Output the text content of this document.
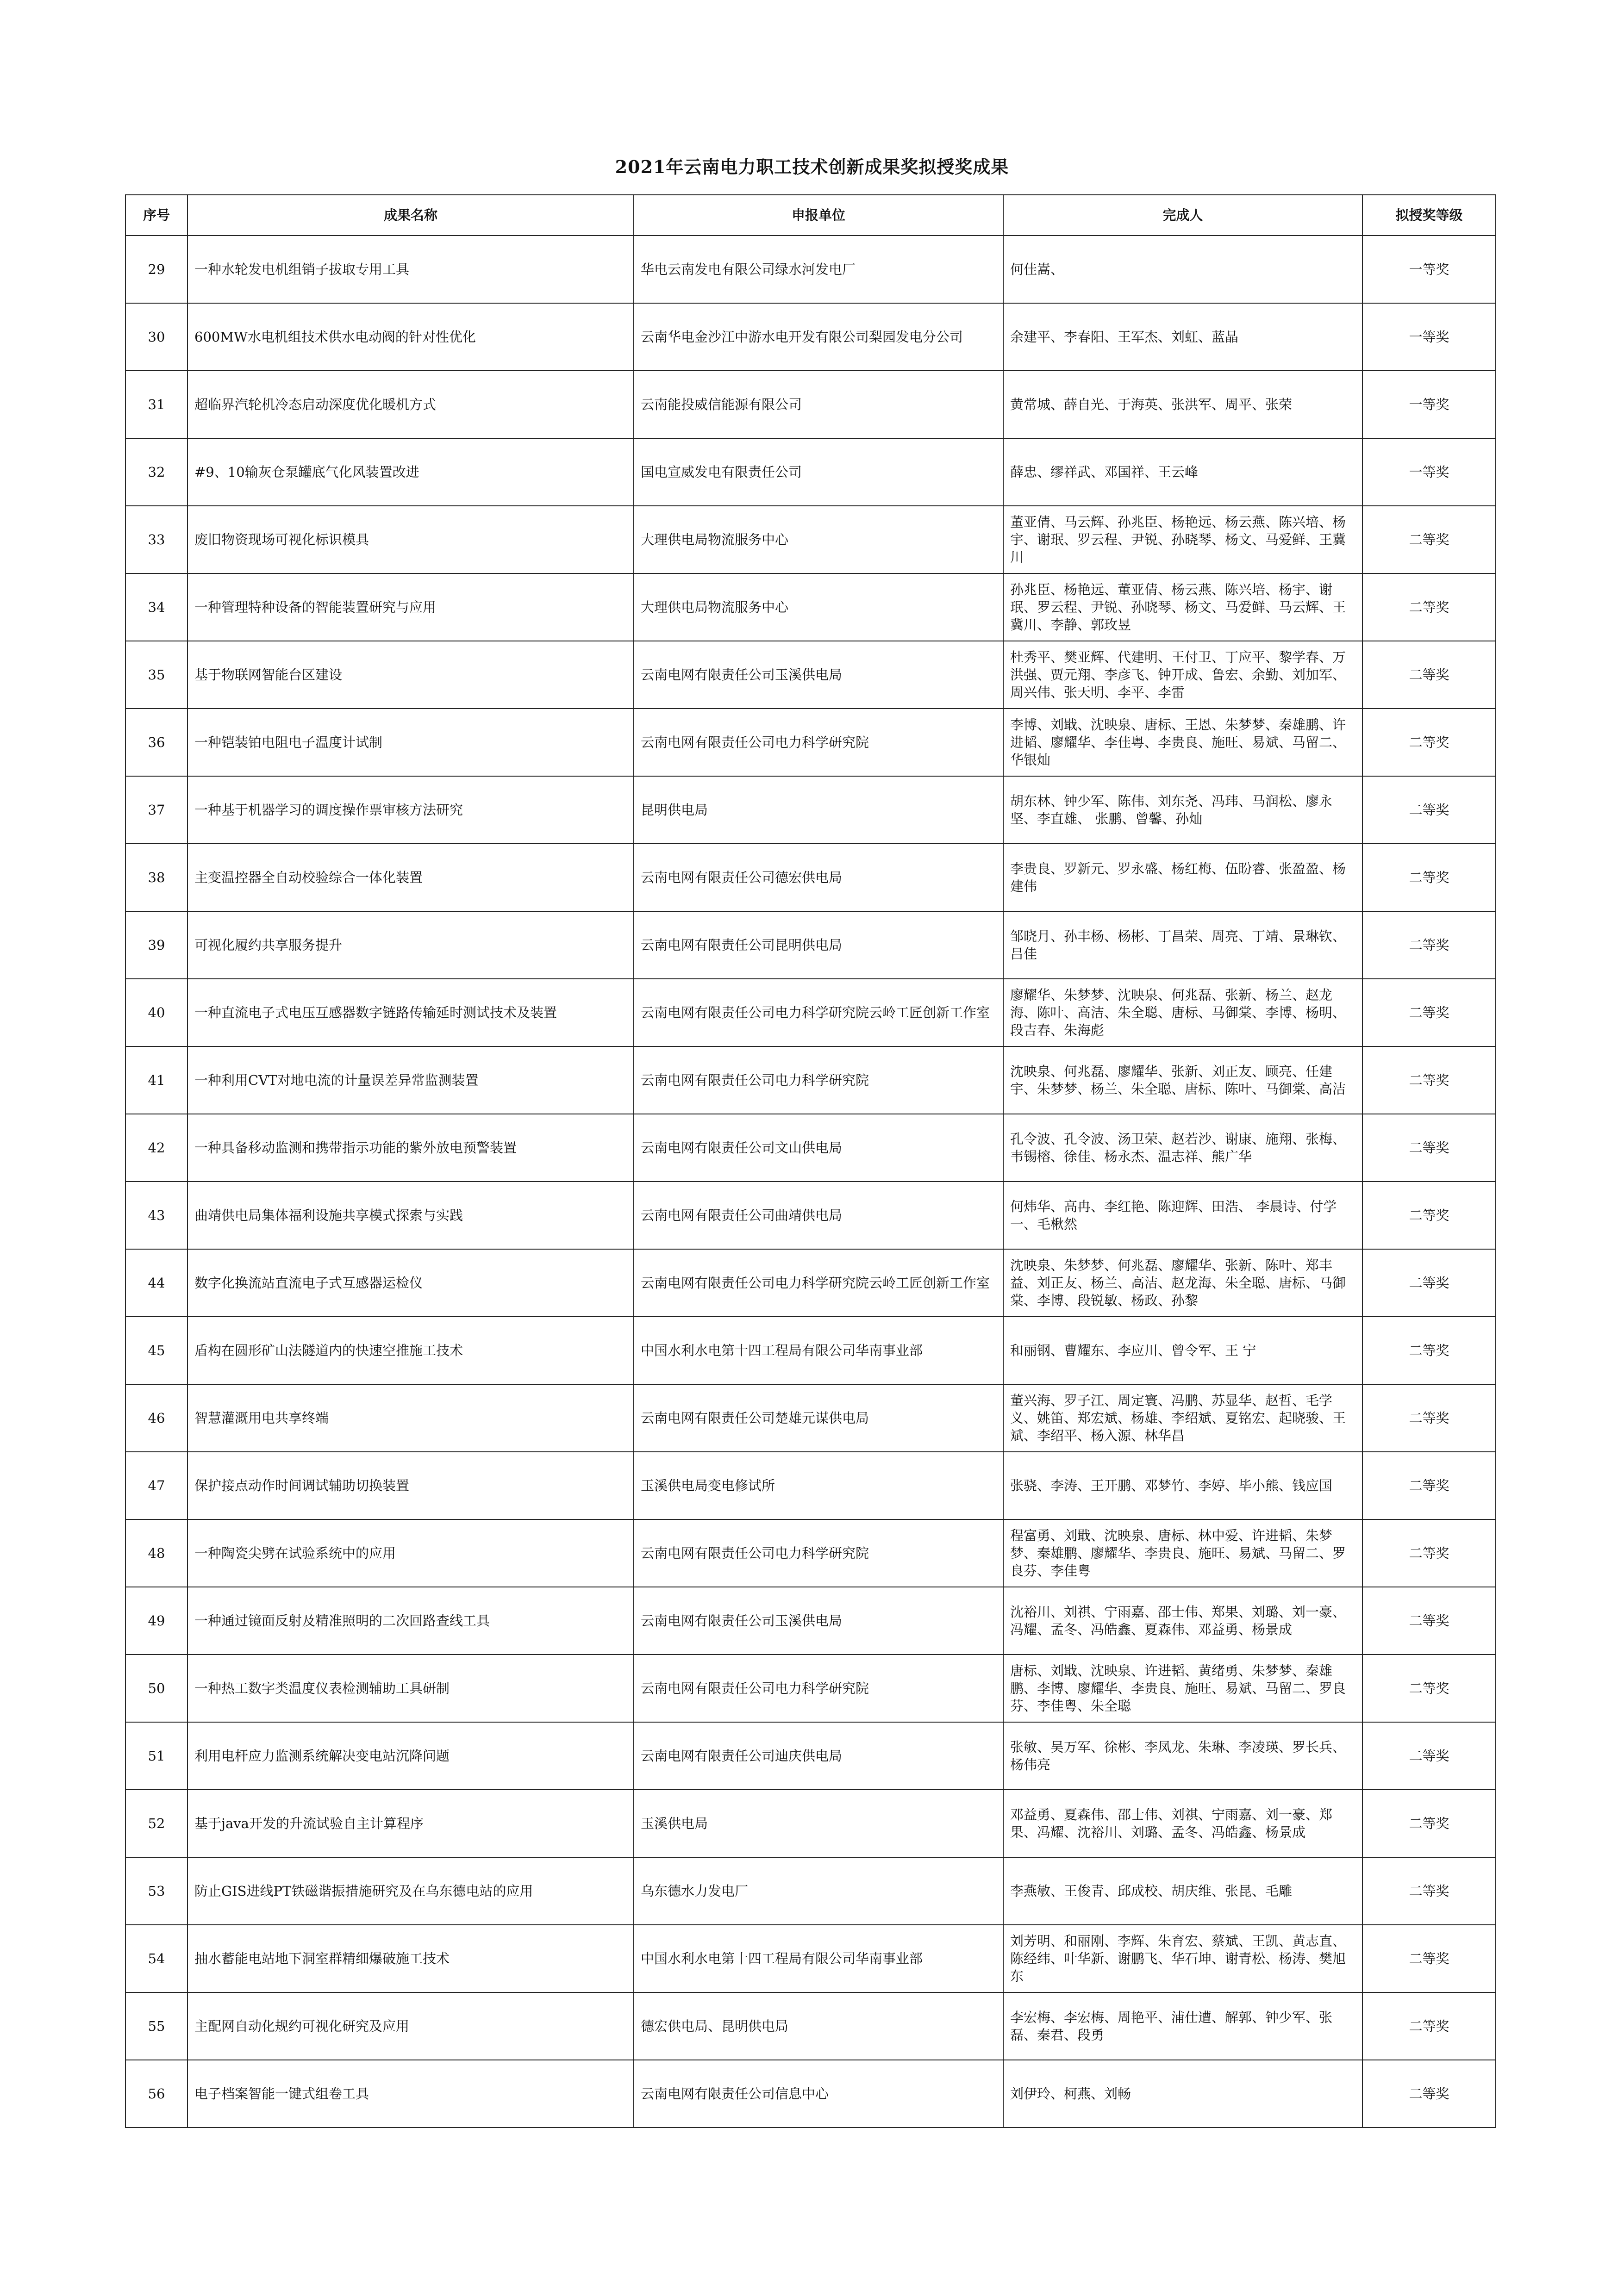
2021年云南电力职工技术创新成果奖拟授奖成果
序号	成果名称	申报单位	完成人	拟授奖等级

29	一种水轮发电机组销子拔取专用工具	华电云南发电有限公司绿水河发电厂	何佳嵩、	一等奖

30	600MW水电机组技术供水电动阀的针对性优化	云南华电金沙江中游水电开发有限公司梨园发电分公司	余建平、李春阳、王军杰、刘虹、蓝晶	一等奖

31	超临界汽轮机冷态启动深度优化暖机方式	云南能投威信能源有限公司	黄常城、薛自光、于海英、张洪军、周平、张荣	一等奖

32	#9、10输灰仓泵罐底气化风装置改进	国电宣威发电有限责任公司	薛忠、缪祥武、邓国祥、王云峰	一等奖

33	废旧物资现场可视化标识模具	大理供电局物流服务中心	董亚倩、马云辉、孙兆臣、杨艳远、杨云燕、陈兴培、杨宇、谢珉、罗云程、尹锐、孙晓琴、杨文、马爱鲜、王冀川	二等奖

34	一种管理特种设备的智能装置研究与应用	大理供电局物流服务中心	孙兆臣、杨艳远、董亚倩、杨云燕、陈兴培、杨宇、谢珉、罗云程、尹锐、孙晓琴、杨文、马爱鲜、马云辉、王冀川、李静、郭玫昱	二等奖

35	基于物联网智能台区建设	云南电网有限责任公司玉溪供电局	杜秀平、樊亚辉、代建明、王付卫、丁应平、黎学春、万洪强、贾元翔、李彦飞、钟开成、鲁宏、余勤、刘加军、周兴伟、张天明、李平、李雷	二等奖

36	一种铠装铂电阻电子温度计试制	云南电网有限责任公司电力科学研究院	李博、刘戢、沈映泉、唐标、王恩、朱梦梦、秦雄鹏、许进韬、廖耀华、李佳粤、李贵良、施旺、易斌、马留二、华银灿	二等奖

37	一种基于机器学习的调度操作票审核方法研究	昆明供电局	胡东林、钟少军、陈伟、刘东尧、冯玮、马润松、廖永坚、李直雄、 张鹏、曾馨、孙灿	二等奖

38	主变温控器全自动校验综合一体化装置	云南电网有限责任公司德宏供电局	李贵良、罗新元、罗永盛、杨红梅、伍盼睿、张盈盈、杨建伟	二等奖

39	可视化履约共享服务提升	云南电网有限责任公司昆明供电局	邹晓月、孙丰杨、杨彬、丁昌荣、周亮、丁靖、景琳钦、吕佳	二等奖

40	一种直流电子式电压互感器数字链路传输延时测试技术及装置	云南电网有限责任公司电力科学研究院云岭工匠创新工作室	廖耀华、朱梦梦、沈映泉、何兆磊、张新、杨兰、赵龙海、陈叶、高洁、朱全聪、唐标、马御棠、李博、杨明、段吉春、朱海彪	二等奖

41	一种利用CVT对地电流的计量误差异常监测装置	云南电网有限责任公司电力科学研究院	沈映泉、何兆磊、廖耀华、张新、刘正友、顾亮、任建宇、朱梦梦、杨兰、朱全聪、唐标、陈叶、马御棠、高洁	二等奖

42	一种具备移动监测和携带指示功能的紫外放电预警装置	云南电网有限责任公司文山供电局	孔令波、孔令波、汤卫荣、赵若沙、谢康、施翔、张梅、韦锡榕、徐佳、杨永杰、温志祥、熊广华	二等奖

43	曲靖供电局集体福利设施共享模式探索与实践	云南电网有限责任公司曲靖供电局	何炜华、高冉、李红艳、陈迎辉、田浩、 李晨诗、付学一、毛楸然	二等奖

44	数字化换流站直流电子式互感器运检仪	云南电网有限责任公司电力科学研究院云岭工匠创新工作室	沈映泉、朱梦梦、何兆磊、廖耀华、张新、陈叶、郑丰益、刘正友、杨兰、高洁、赵龙海、朱全聪、唐标、马御棠、李博、段锐敏、杨政、孙黎	二等奖

45	盾构在圆形矿山法隧道内的快速空推施工技术	中国水利水电第十四工程局有限公司华南事业部	和丽钢、曹耀东、李应川、曾令军、王 宁	二等奖

46	智慧灌溉用电共享终端	云南电网有限责任公司楚雄元谋供电局	董兴海、罗子江、周定寰、冯鹏、苏显华、赵哲、毛学义、姚笛、郑宏斌、杨雄、李绍斌、夏铭宏、起晓骏、王斌、李绍平、杨入源、林华昌	二等奖

47	保护接点动作时间调试辅助切换装置	玉溪供电局变电修试所	张骁、李涛、王开鹏、邓梦竹、李婷、毕小熊、钱应国	二等奖

48	一种陶瓷尖劈在试验系统中的应用	云南电网有限责任公司电力科学研究院	程富勇、刘戢、沈映泉、唐标、林中爱、许进韬、朱梦梦、秦雄鹏、廖耀华、李贵良、施旺、易斌、马留二、罗良芬、李佳粤	二等奖

49	一种通过镜面反射及精准照明的二次回路查线工具	云南电网有限责任公司玉溪供电局	沈裕川、刘祺、宁雨嘉、邵士伟、郑果、刘璐、刘一豪、冯耀、孟冬、冯皓鑫、夏森伟、邓益勇、杨景成	二等奖

50	一种热工数字类温度仪表检测辅助工具研制	云南电网有限责任公司电力科学研究院	唐标、刘戢、沈映泉、许进韬、黄绪勇、朱梦梦、秦雄鹏、李博、廖耀华、李贵良、施旺、易斌、马留二、罗良芬、李佳粤、朱全聪	二等奖

51	利用电杆应力监测系统解决变电站沉降问题	云南电网有限责任公司迪庆供电局	张敏、吴万军、徐彬、李凤龙、朱琳、李凌瑛、罗长兵、杨伟亮	二等奖

52	基于java开发的升流试验自主计算程序	玉溪供电局	邓益勇、夏森伟、邵士伟、刘祺、宁雨嘉、刘一豪、郑果、冯耀、沈裕川、刘璐、孟冬、冯皓鑫、杨景成	二等奖

53	防止GIS进线PT铁磁谐振措施研究及在乌东德电站的应用	乌东德水力发电厂	李燕敏、王俊青、邱成校、胡庆维、张昆、毛雕	二等奖

54	抽水蓄能电站地下洞室群精细爆破施工技术	中国水利水电第十四工程局有限公司华南事业部	刘芳明、和丽刚、李辉、朱育宏、蔡斌、王凯、黄志直、陈经纬、叶华新、谢鹏飞、华石坤、谢青松、杨涛、樊旭东	二等奖

55	主配网自动化规约可视化研究及应用	德宏供电局、昆明供电局	李宏梅、李宏梅、周艳平、浦仕遭、解郭、钟少军、张磊、秦君、段勇	二等奖

56	电子档案智能一键式组卷工具	云南电网有限责任公司信息中心	刘伊玲、柯燕、刘畅	二等奖
